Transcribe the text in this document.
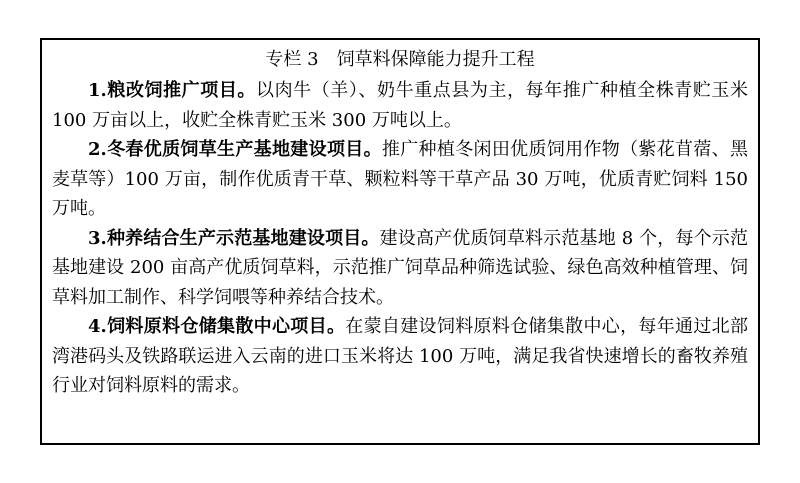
专栏 3　饲草料保障能力提升工程

1.粮改饲推广项目。以肉牛（羊）、奶牛重点县为主，每年推广种植全株青贮玉米 100 万亩以上，收贮全株青贮玉米 300 万吨以上。

2.冬春优质饲草生产基地建设项目。推广种植冬闲田优质饲用作物（紫花苜蓿、黑麦草等）100 万亩，制作优质青干草、颗粒料等干草产品 30 万吨，优质青贮饲料 150 万吨。

3.种养结合生产示范基地建设项目。建设高产优质饲草料示范基地 8 个，每个示范基地建设 200 亩高产优质饲草料，示范推广饲草品种筛选试验、绿色高效种植管理、饲草料加工制作、科学饲喂等种养结合技术。

4.饲料原料仓储集散中心项目。在蒙自建设饲料原料仓储集散中心，每年通过北部湾港码头及铁路联运进入云南的进口玉米将达 100 万吨，满足我省快速增长的畜牧养殖行业对饲料原料的需求。
